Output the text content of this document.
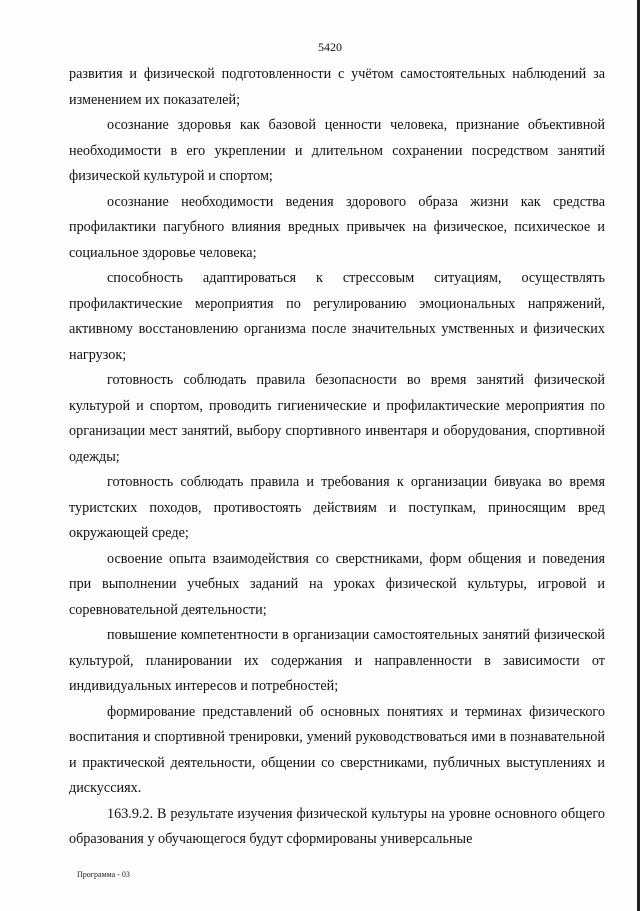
5420

развития и физической подготовленности с учётом самостоятельных наблюдений за изменением их показателей;

осознание здоровья как базовой ценности человека, признание объективной необходимости в его укреплении и длительном сохранении посредством занятий физической культурой и спортом;

осознание необходимости ведения здорового образа жизни как средства профилактики пагубного влияния вредных привычек на физическое, психическое и социальное здоровье человека;

способность адаптироваться к стрессовым ситуациям, осуществлять профилактические мероприятия по регулированию эмоциональных напряжений, активному восстановлению организма после значительных умственных и физических нагрузок;

готовность соблюдать правила безопасности во время занятий физической культурой и спортом, проводить гигиенические и профилактические мероприятия по организации мест занятий, выбору спортивного инвентаря и оборудования, спортивной одежды;

готовность соблюдать правила и требования к организации бивуака во время туристских походов, противостоять действиям и поступкам, приносящим вред окружающей среде;

освоение опыта взаимодействия со сверстниками, форм общения и поведения при выполнении учебных заданий на уроках физической культуры, игровой и соревновательной деятельности;

повышение компетентности в организации самостоятельных занятий физической культурой, планировании их содержания и направленности в зависимости от индивидуальных интересов и потребностей;

формирование представлений об основных понятиях и терминах физического воспитания и спортивной тренировки, умений руководствоваться ими в познавательной и практической деятельности, общении со сверстниками, публичных выступлениях и дискуссиях.

163.9.2. В результате изучения физической культуры на уровне основного общего образования у обучающегося будут сформированы универсальные

Программа - 03
